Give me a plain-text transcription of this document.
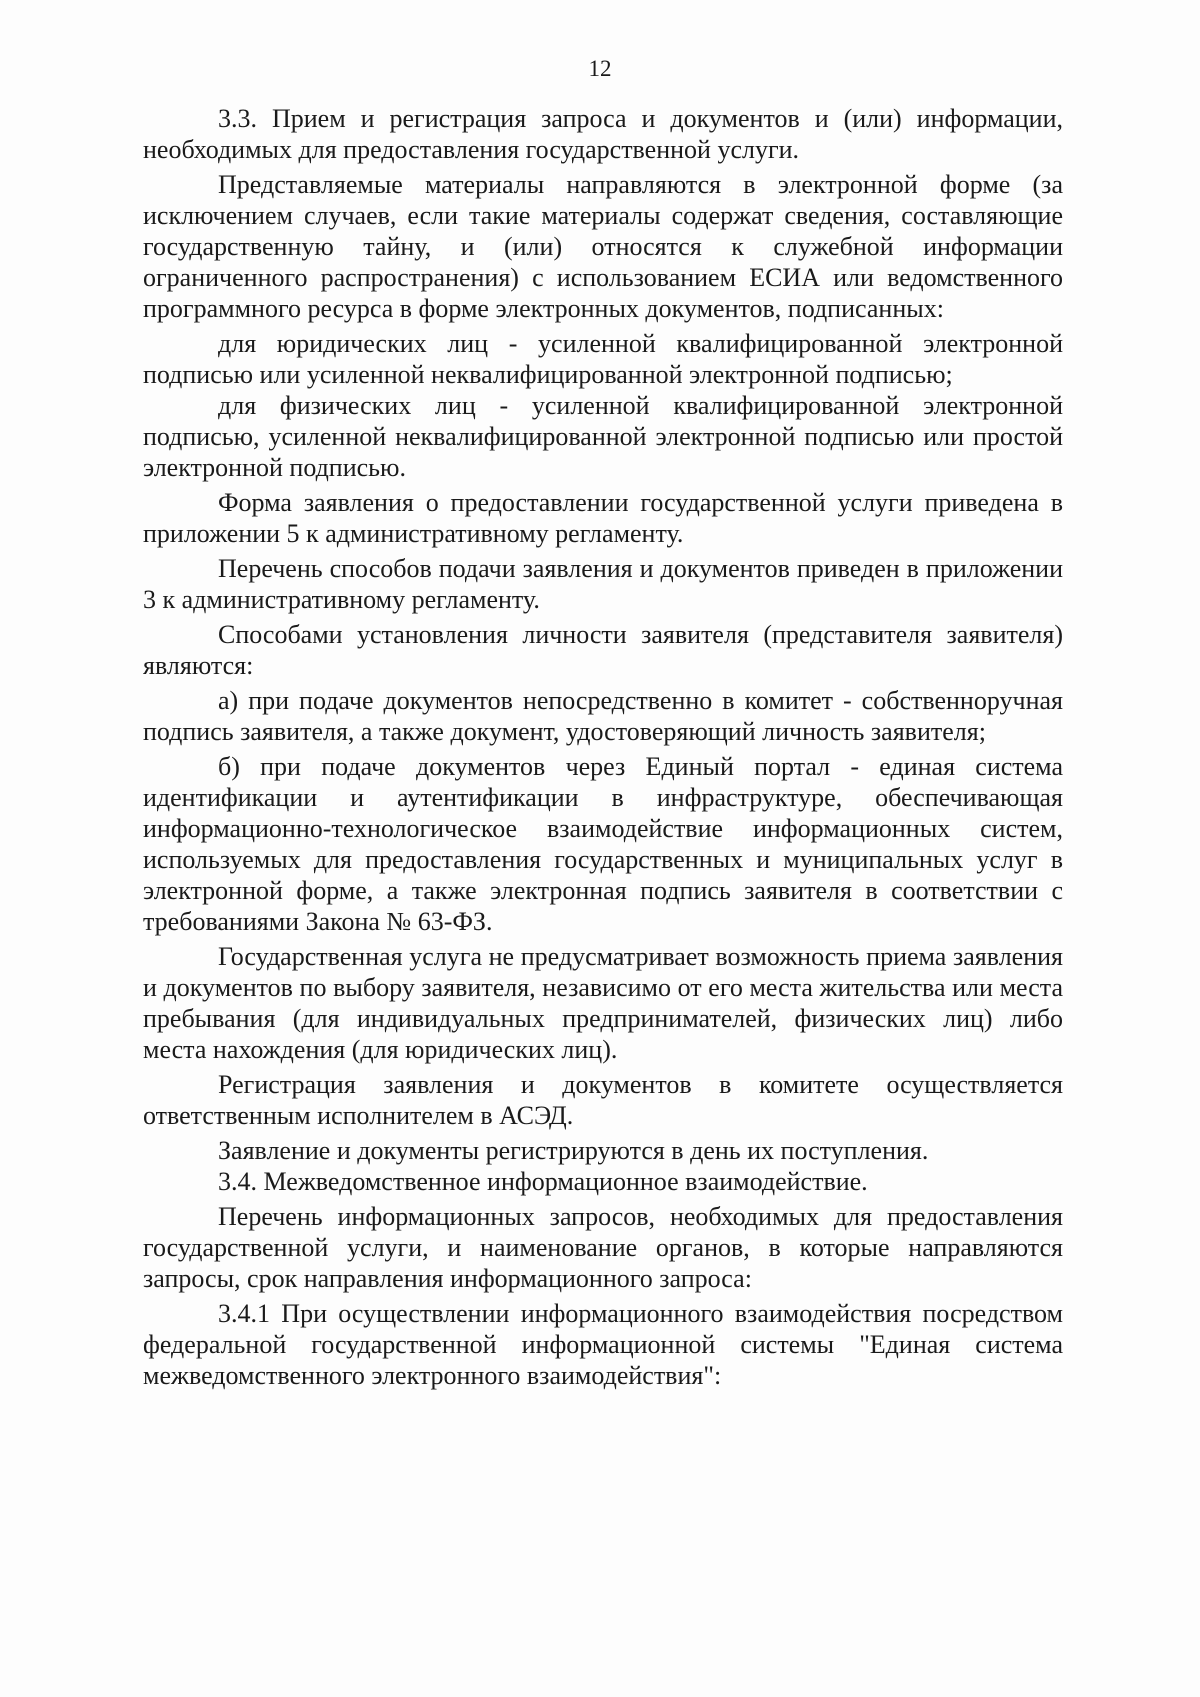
12

3.3. Прием и регистрация запроса и документов и (или) информации, необходимых для предоставления государственной услуги.

Представляемые материалы направляются в электронной форме (за исключением случаев, если такие материалы содержат сведения, составляющие государственную тайну, и (или) относятся к служебной информации ограниченного распространения) с использованием ЕСИА или ведомственного программного ресурса в форме электронных документов, подписанных:

для юридических лиц - усиленной квалифицированной электронной подписью или усиленной неквалифицированной электронной подписью;

для физических лиц - усиленной квалифицированной электронной подписью, усиленной неквалифицированной электронной подписью или простой электронной подписью.

Форма заявления о предоставлении государственной услуги приведена в приложении 5 к административному регламенту.

Перечень способов подачи заявления и документов приведен в приложении 3 к административному регламенту.

Способами установления личности заявителя (представителя заявителя) являются:

а) при подаче документов непосредственно в комитет - собственноручная подпись заявителя, а также документ, удостоверяющий личность заявителя;

б) при подаче документов через Единый портал - единая система идентификации и аутентификации в инфраструктуре, обеспечивающая информационно-технологическое взаимодействие информационных систем, используемых для предоставления государственных и муниципальных услуг в электронной форме, а также электронная подпись заявителя в соответствии с требованиями Закона № 63-ФЗ.

Государственная услуга не предусматривает возможность приема заявления и документов по выбору заявителя, независимо от его места жительства или места пребывания (для индивидуальных предпринимателей, физических лиц) либо места нахождения (для юридических лиц).

Регистрация заявления и документов в комитете осуществляется ответственным исполнителем в АСЭД.

Заявление и документы регистрируются в день их поступления.

3.4. Межведомственное информационное взаимодействие.

Перечень информационных запросов, необходимых для предоставления государственной услуги, и наименование органов, в которые направляются запросы, срок направления информационного запроса:

3.4.1 При осуществлении информационного взаимодействия посредством федеральной государственной информационной системы "Единая система межведомственного электронного взаимодействия":
